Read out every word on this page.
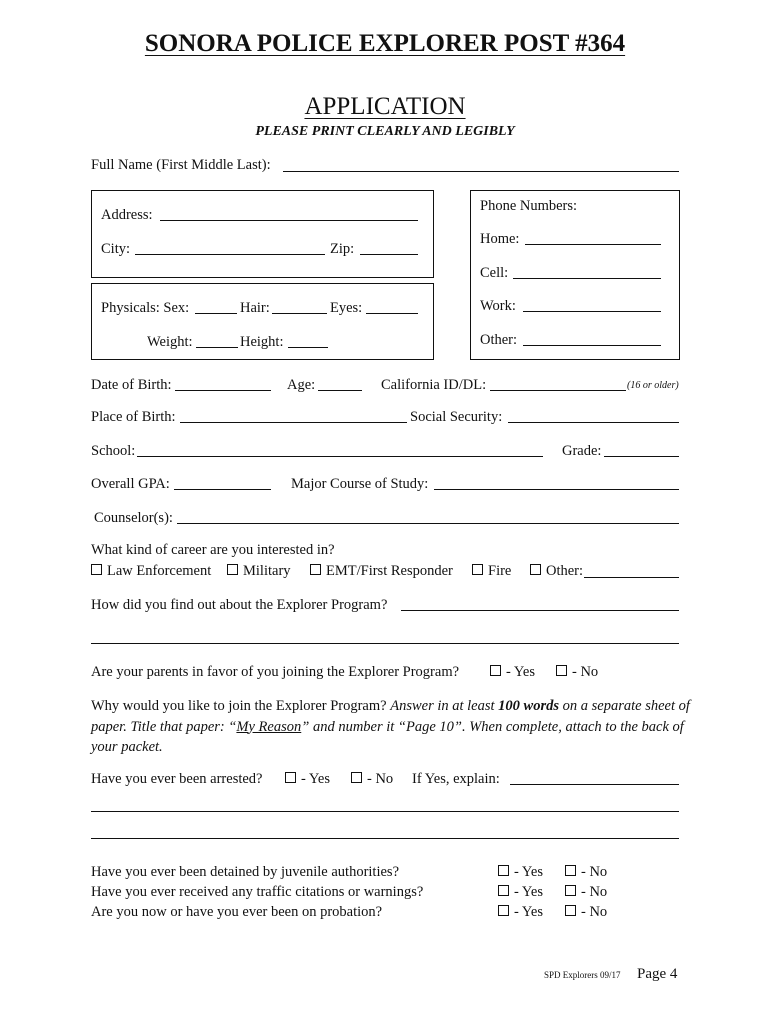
SONORA POLICE EXPLORER POST #364
APPLICATION
PLEASE PRINT CLEARLY AND LEGIBLY
Full Name (First Middle Last):
Address:
City:	Zip:
Physicals: Sex:	Hair:	Eyes:
Weight:	Height:
Phone Numbers:
Home:
Cell:
Work:
Other:
Date of Birth:	Age:	California ID/DL:	(16 or older)
Place of Birth:	Social Security:
School:	Grade:
Overall GPA:	Major Course of Study:
Counselor(s):
What kind of career are you interested in?
Law Enforcement	Military	EMT/First Responder	Fire	Other:
How did you find out about the Explorer Program?
Are your parents in favor of you joining the Explorer Program?	- Yes	- No
Why would you like to join the Explorer Program? Answer in at least 100 words on a separate sheet of paper. Title that paper: “My Reason” and number it “Page 10”. When complete, attach to the back of your packet.
Have you ever been arrested?	- Yes	- No If Yes, explain:
Have you ever been detained by juvenile authorities?	- Yes	- No
Have you ever received any traffic citations or warnings?	- Yes	- No
Are you now or have you ever been on probation?	- Yes	- No
SPD Explorers 09/17 Page 4
